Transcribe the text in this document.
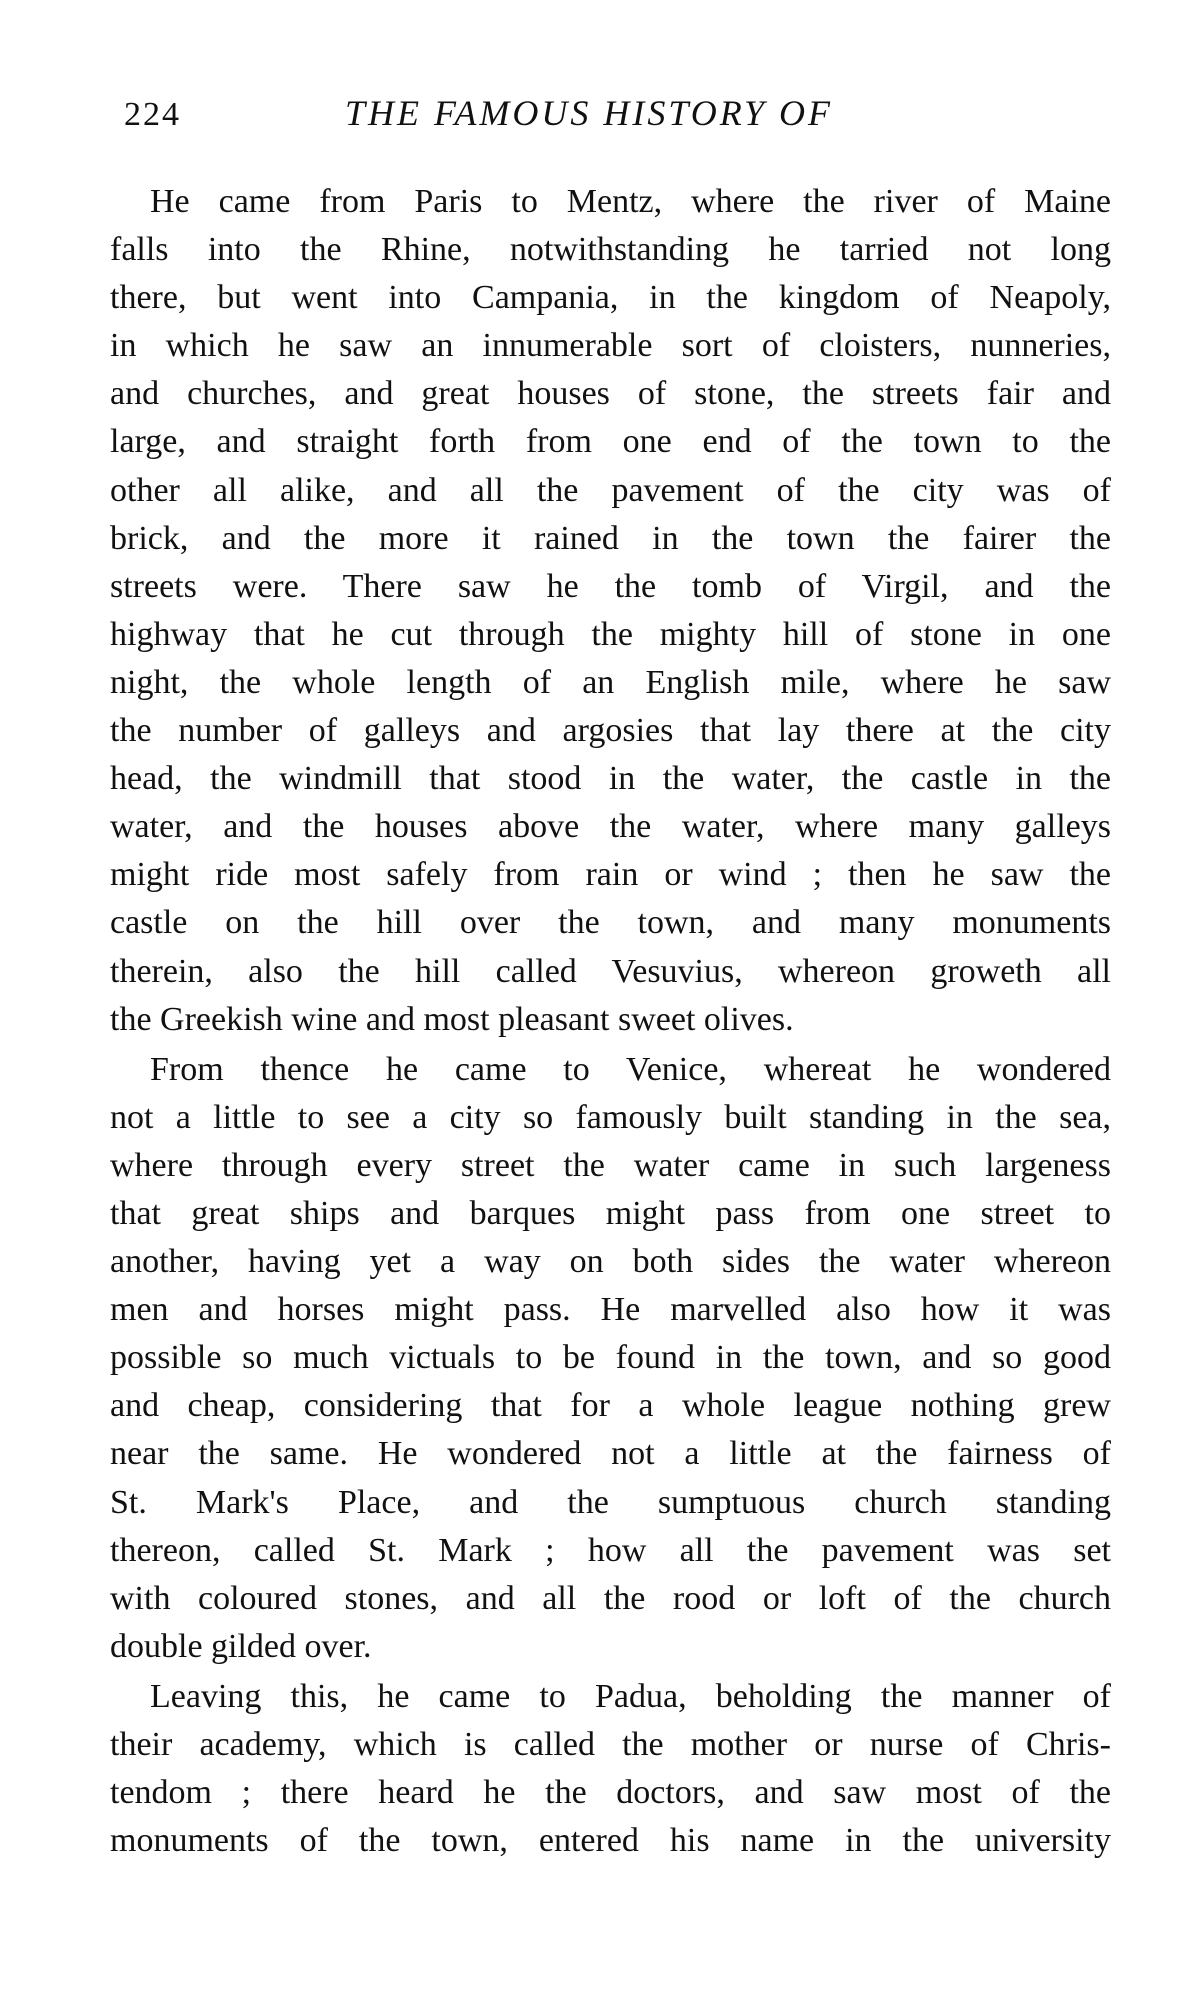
224	THE FAMOUS HISTORY OF
He came from Paris to Mentz, where the river of Maine
falls into the Rhine, notwithstanding he tarried not long
there, but went into Campania, in the kingdom of Neapoly,
in which he saw an innumerable sort of cloisters, nunneries,
and churches, and great houses of stone, the streets fair and
large, and straight forth from one end of the town to the
other all alike, and all the pavement of the city was of
brick, and the more it rained in the town the fairer the
streets were. There saw he the tomb of Virgil, and the
highway that he cut through the mighty hill of stone in one
night, the whole length of an English mile, where he saw
the number of galleys and argosies that lay there at the city
head, the windmill that stood in the water, the castle in the
water, and the houses above the water, where many galleys
might ride most safely from rain or wind ; then he saw the
castle on the hill over the town, and many monuments
therein, also the hill called Vesuvius, whereon groweth all
the Greekish wine and most pleasant sweet olives.
From thence he came to Venice, whereat he wondered
not a little to see a city so famously built standing in the sea,
where through every street the water came in such largeness
that great ships and barques might pass from one street to
another, having yet a way on both sides the water whereon
men and horses might pass. He marvelled also how it was
possible so much victuals to be found in the town, and so good
and cheap, considering that for a whole league nothing grew
near the same. He wondered not a little at the fairness of
St. Mark's Place, and the sumptuous church standing
thereon, called St. Mark ; how all the pavement was set
with coloured stones, and all the rood or loft of the church
double gilded over.
Leaving this, he came to Padua, beholding the manner of
their academy, which is called the mother or nurse of Chris-
tendom ; there heard he the doctors, and saw most of the
monuments of the town, entered his name in the university
